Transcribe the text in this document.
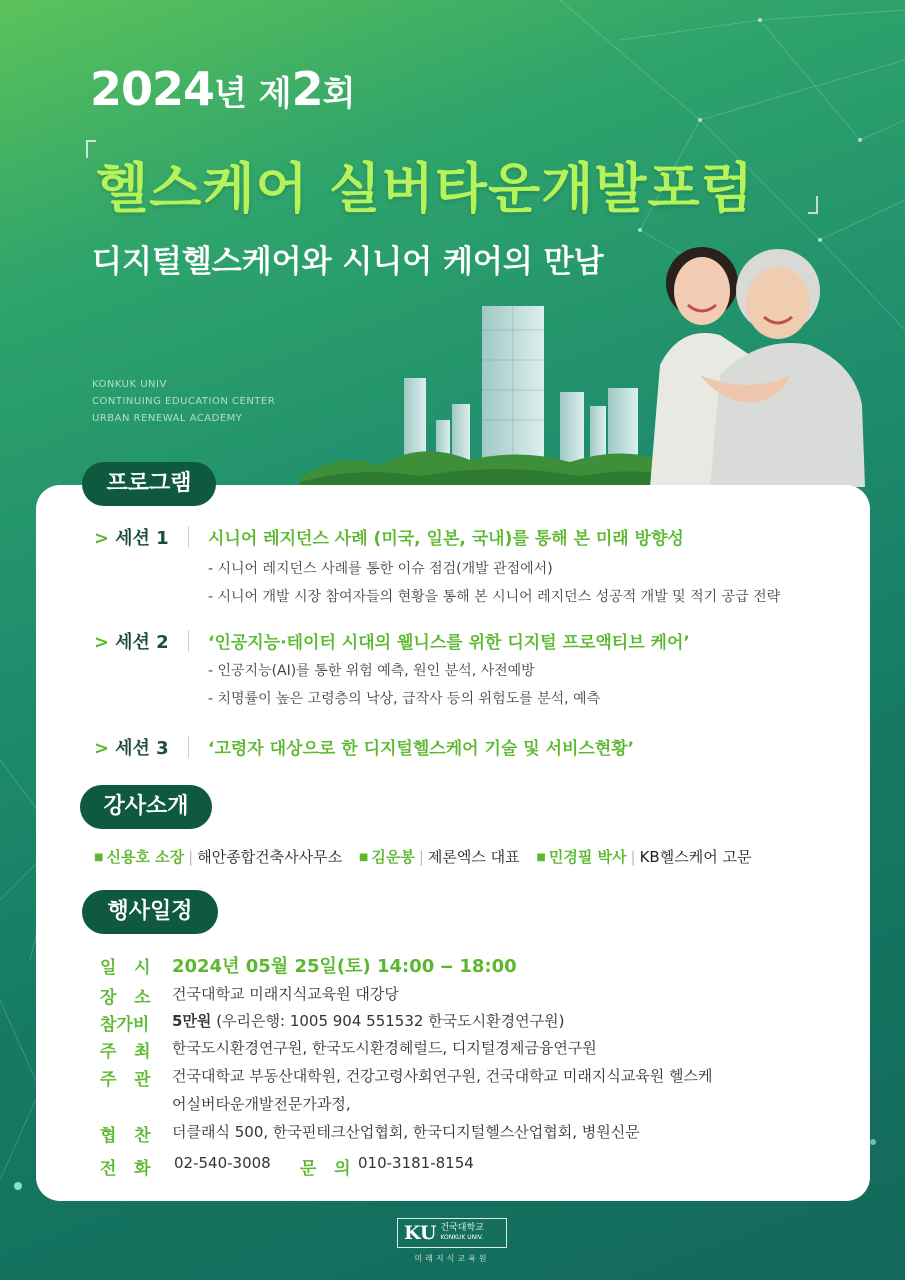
2024년 제2회
헬스케어 실버타운개발포럼
디지털헬스케어와 시니어 케어의 만남
KONKUK UNIV
CONTINUING EDUCATION CENTER
URBAN RENEWAL ACADEMY
프로그램
> 세션 1	시니어 레지던스 사례 (미국, 일본, 국내)를 통해 본 미래 방향성
- 시니어 레지던스 사례를 통한 이슈 점검(개발 관점에서)
- 시니어 개발 시장 참여자들의 현황을 통해 본 시니어 레지던스 성공적 개발 및 적기 공급 전략
> 세션 2	‘인공지능·테이터 시대의 웰니스를 위한 디지털 프로액티브 케어’
- 인공지능(AI)를 통한 위험 예측, 원인 분석, 사전예방
- 치명률이 높은 고령층의 낙상, 급작사 등의 위험도를 분석, 예측
> 세션 3	‘고령자 대상으로 한 디지털헬스케어 기술 및 서비스현황’
강사소개
■ 신용호 소장 | 해안종합건축사사무소 ■ 김운봉 | 제론엑스 대표 ■ 민경필 박사 | KB헬스케어 고문
행사일정
일   시	2024년 05월 25일(토) 14:00 ‒ 18:00
장   소	건국대학교 미래지식교육원 대강당
참가비	5만원 (우리은행: 1005 904 551532 한국도시환경연구원)
주   최	한국도시환경연구원, 한국도시환경헤럴드, 디지털경제금융연구원
주   관	건국대학교 부동산대학원, 건강고령사회연구원, 건국대학교 미래지식교육원 헬스케
어실버타운개발전문가과정,
협   찬	더클래식 500, 한국핀테크산업협회, 한국디지털헬스산업협회, 병원신문
전   화	02-540-3008 문   의 010-3181-8154
KU 건국대학교
KONKUK UNIV.
미래지식교육원
